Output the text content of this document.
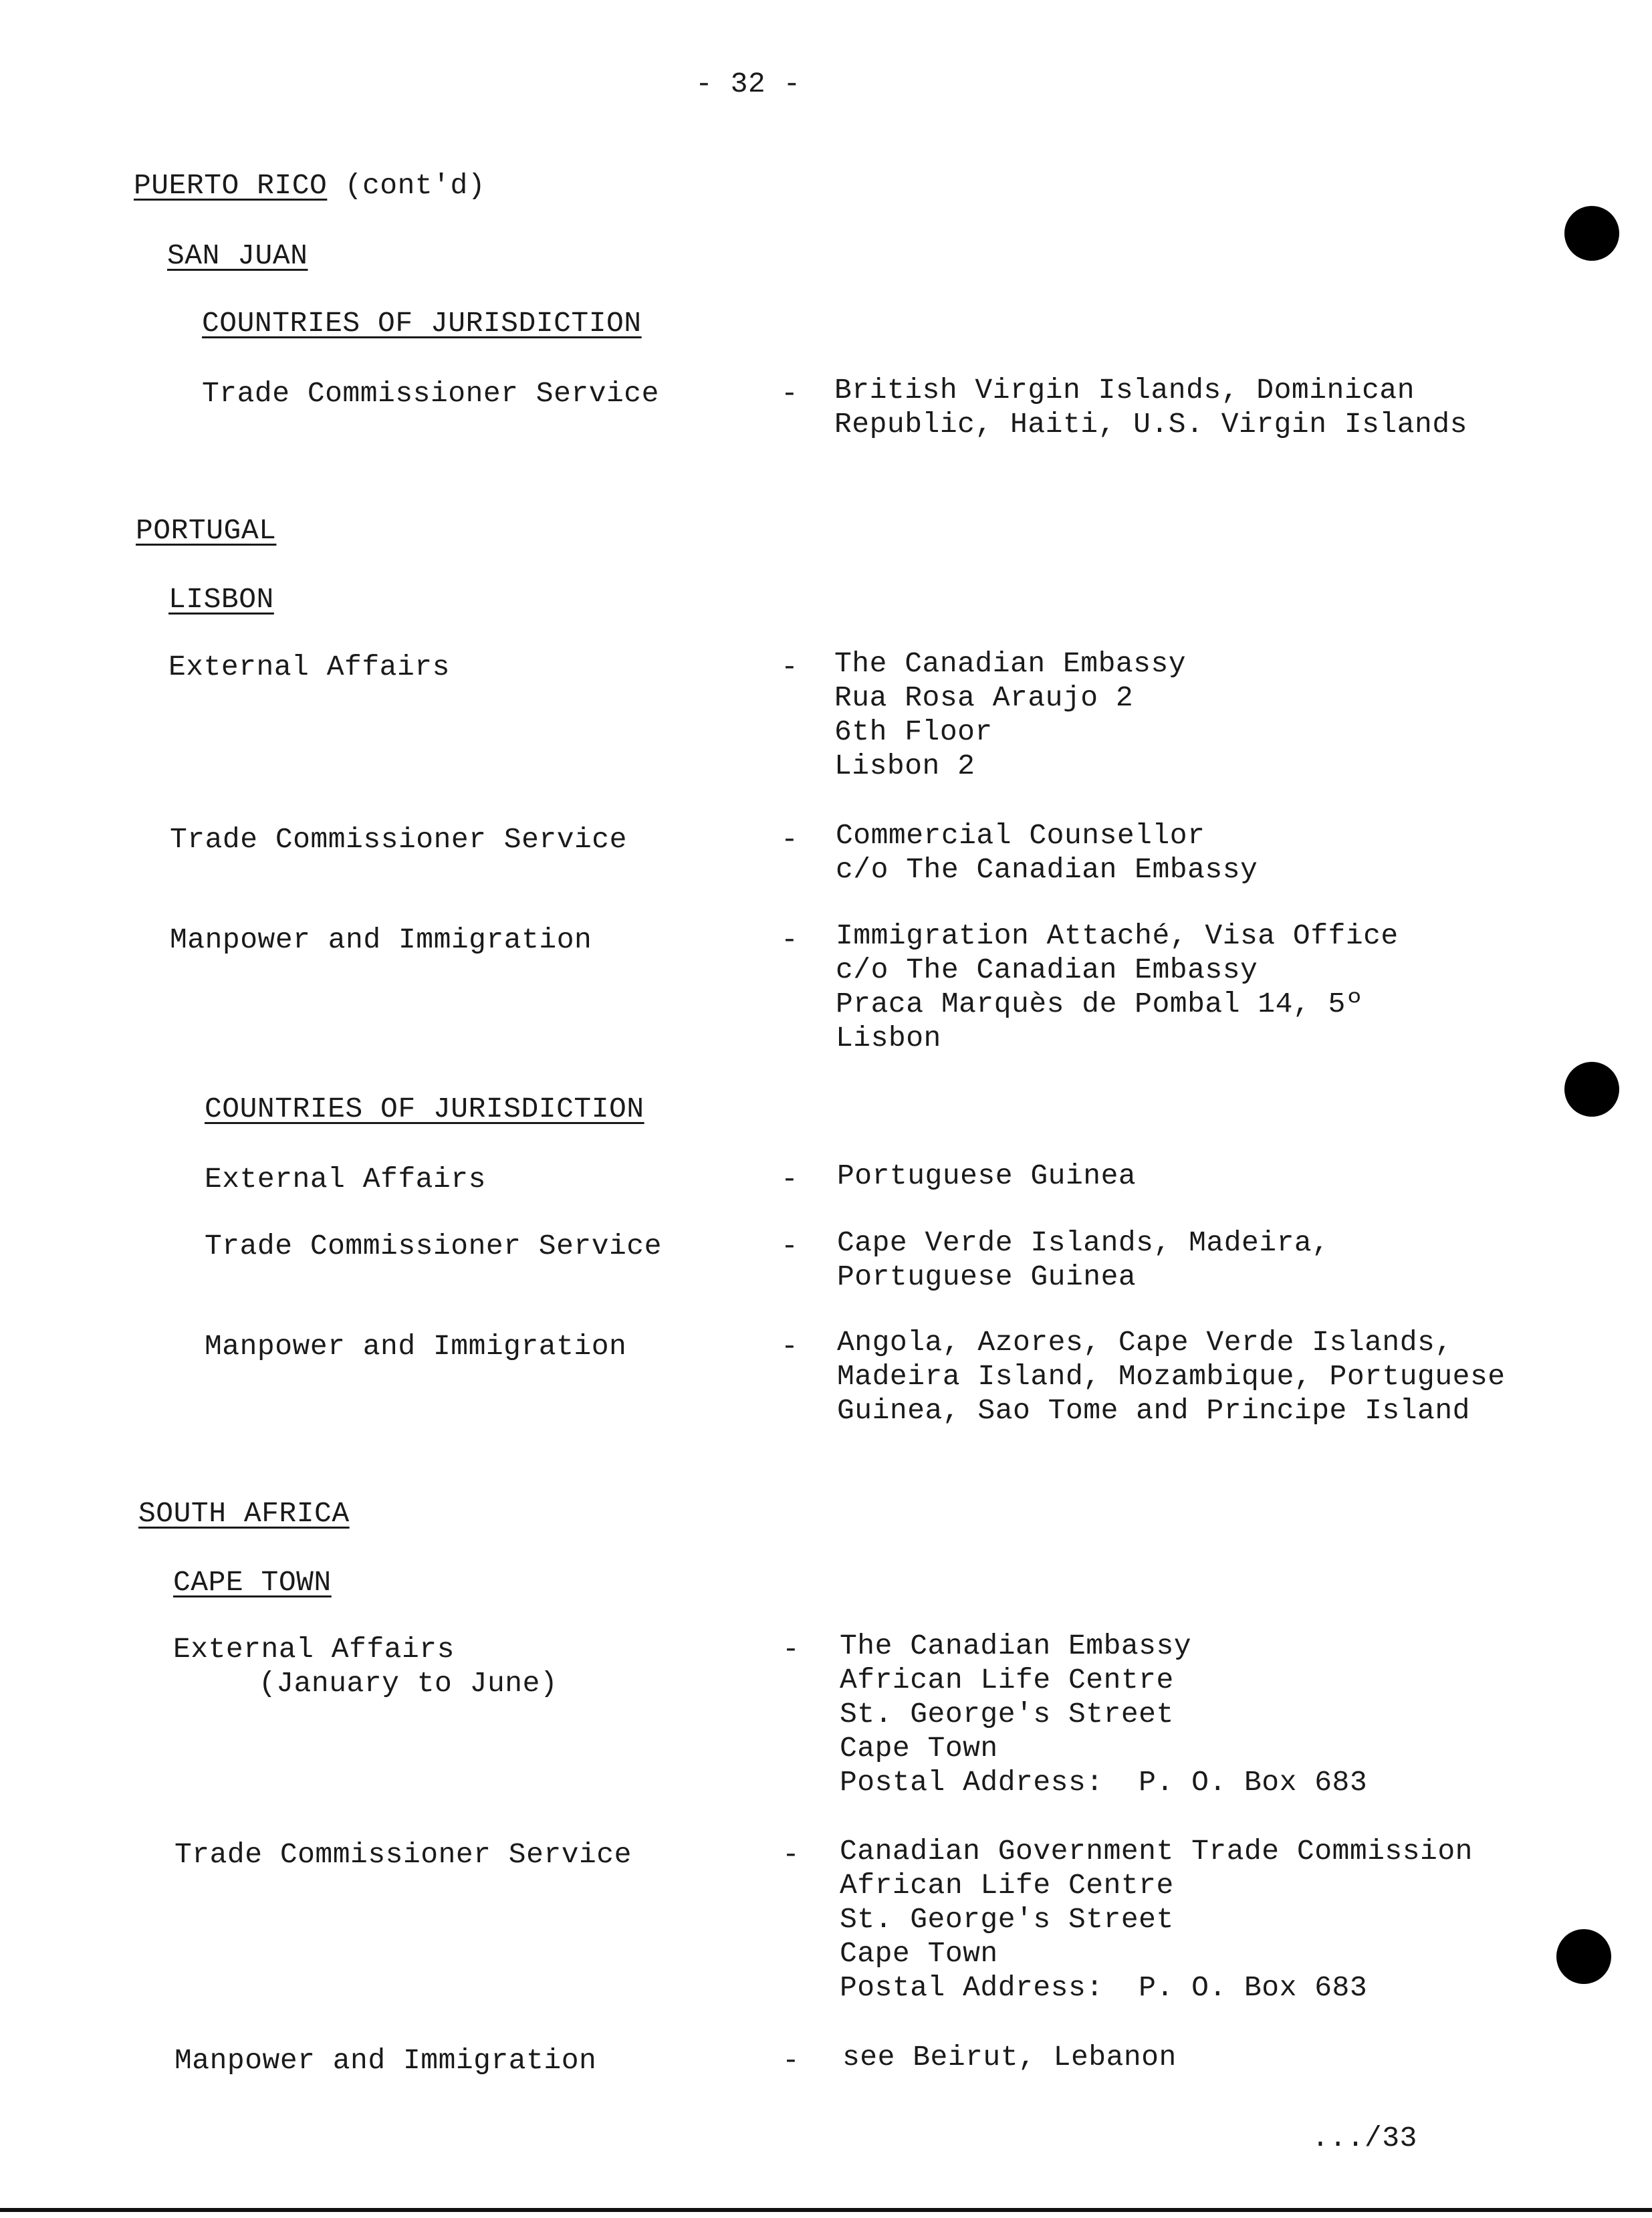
- 32 -
PUERTO RICO (cont'd)
SAN JUAN
COUNTRIES OF JURISDICTION
Trade Commissioner Service	- British Virgin Islands, Dominican
Republic, Haiti, U.S. Virgin Islands
PORTUGAL
LISBON
External Affairs	- The Canadian Embassy
Rua Rosa Araujo 2
6th Floor
Lisbon 2
Trade Commissioner Service	- Commercial Counsellor
c/o The Canadian Embassy
Manpower and Immigration	- Immigration Attaché, Visa Office
c/o The Canadian Embassy
Praca Marquès de Pombal 14, 5º
Lisbon
COUNTRIES OF JURISDICTION
External Affairs	- Portuguese Guinea
Trade Commissioner Service	- Cape Verde Islands, Madeira,
Portuguese Guinea
Manpower and Immigration	- Angola, Azores, Cape Verde Islands,
Madeira Island, Mozambique, Portuguese
Guinea, Sao Tome and Principe Island
SOUTH AFRICA
CAPE TOWN
External Affairs
(January to June)
- The Canadian Embassy
African Life Centre
St. George's Street
Cape Town
Postal Address:  P. O. Box 683
Trade Commissioner Service	- Canadian Government Trade Commission
African Life Centre
St. George's Street
Cape Town
Postal Address:  P. O. Box 683
Manpower and Immigration	- see Beirut, Lebanon
.../33
